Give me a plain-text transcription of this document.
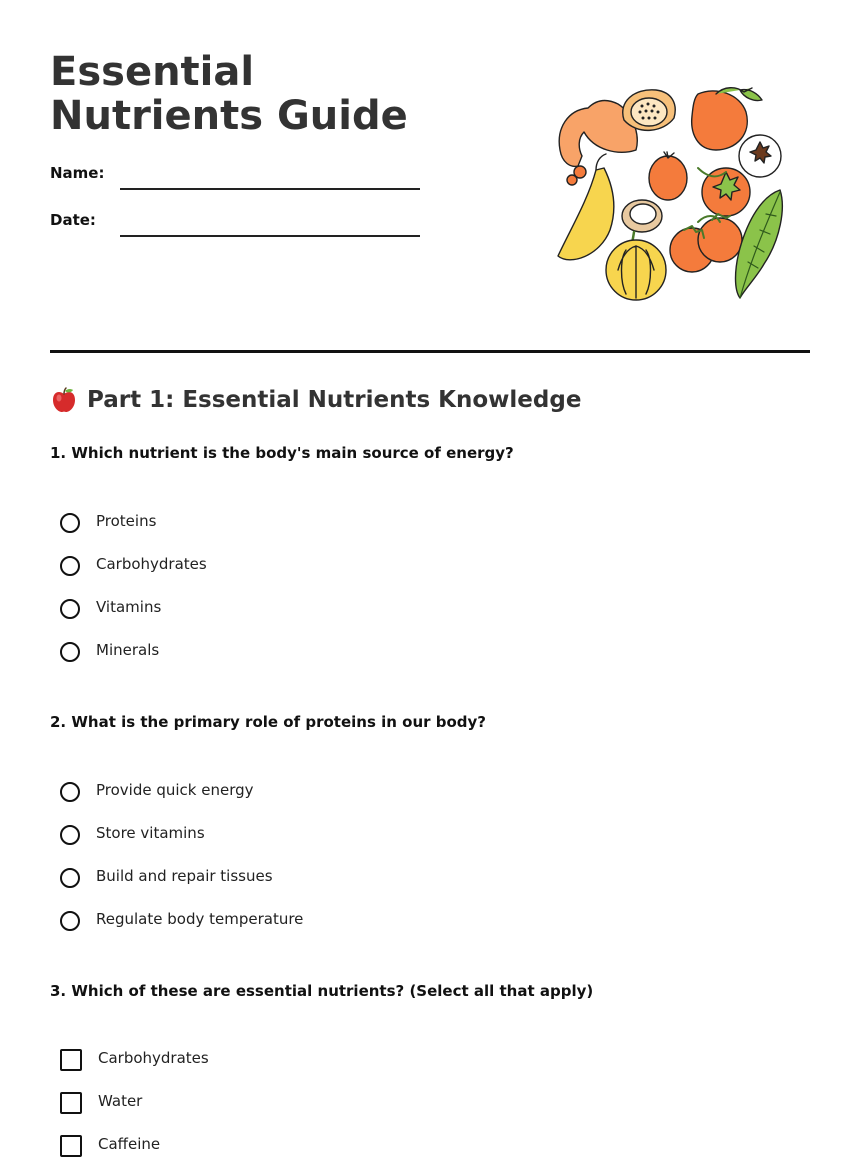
Essential Nutrients Guide
Name:
Date:
Part 1: Essential Nutrients Knowledge

1. Which nutrient is the body's main source of energy?

Proteins
Carbohydrates
Vitamins
Minerals

2. What is the primary role of proteins in our body?

Provide quick energy
Store vitamins
Build and repair tissues
Regulate body temperature

3. Which of these are essential nutrients? (Select all that apply)

Carbohydrates
Water
Caffeine
